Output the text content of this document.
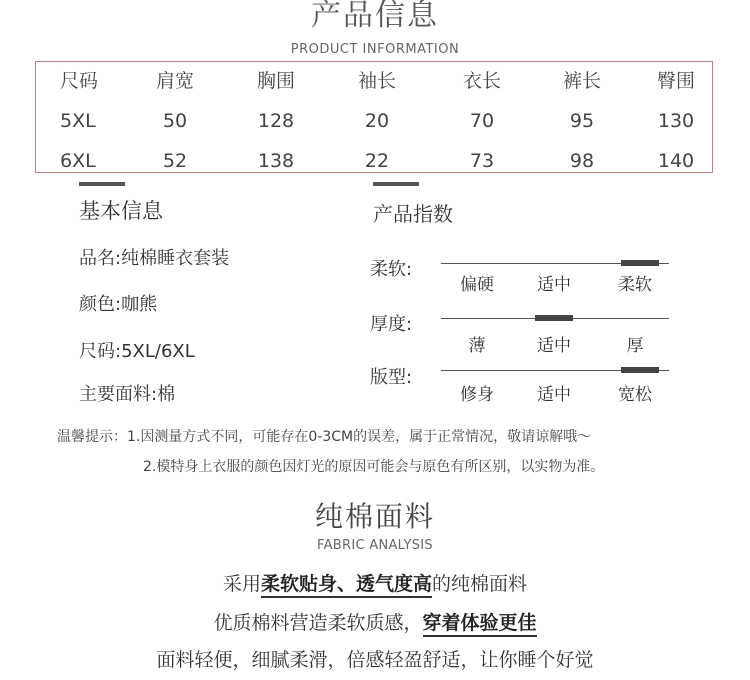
产品信息
PRODUCT INFORMATION
尺码	肩宽	胸围	袖长	衣长	裤长	臀围
5XL	50	128	20	70	95	130
6XL	52	138	22	73	98	140
基本信息
品名:纯棉睡衣套装
颜色:咖熊
尺码:5XL/6XL
主要面料:棉
产品指数
柔软:
偏硬	适中	柔软
厚度:
薄	适中	厚
版型:
修身	适中	宽松
温馨提示：1.因测量方式不同，可能存在0-3CM的误差，属于正常情况，敬请谅解哦～
2.模特身上衣服的颜色因灯光的原因可能会与原色有所区别，以实物为准。
纯棉面料
FABRIC ANALYSIS
采用柔软贴身、透气度高的纯棉面料
优质棉料营造柔软质感，穿着体验更佳
面料轻便，细腻柔滑，倍感轻盈舒适，让你睡个好觉
